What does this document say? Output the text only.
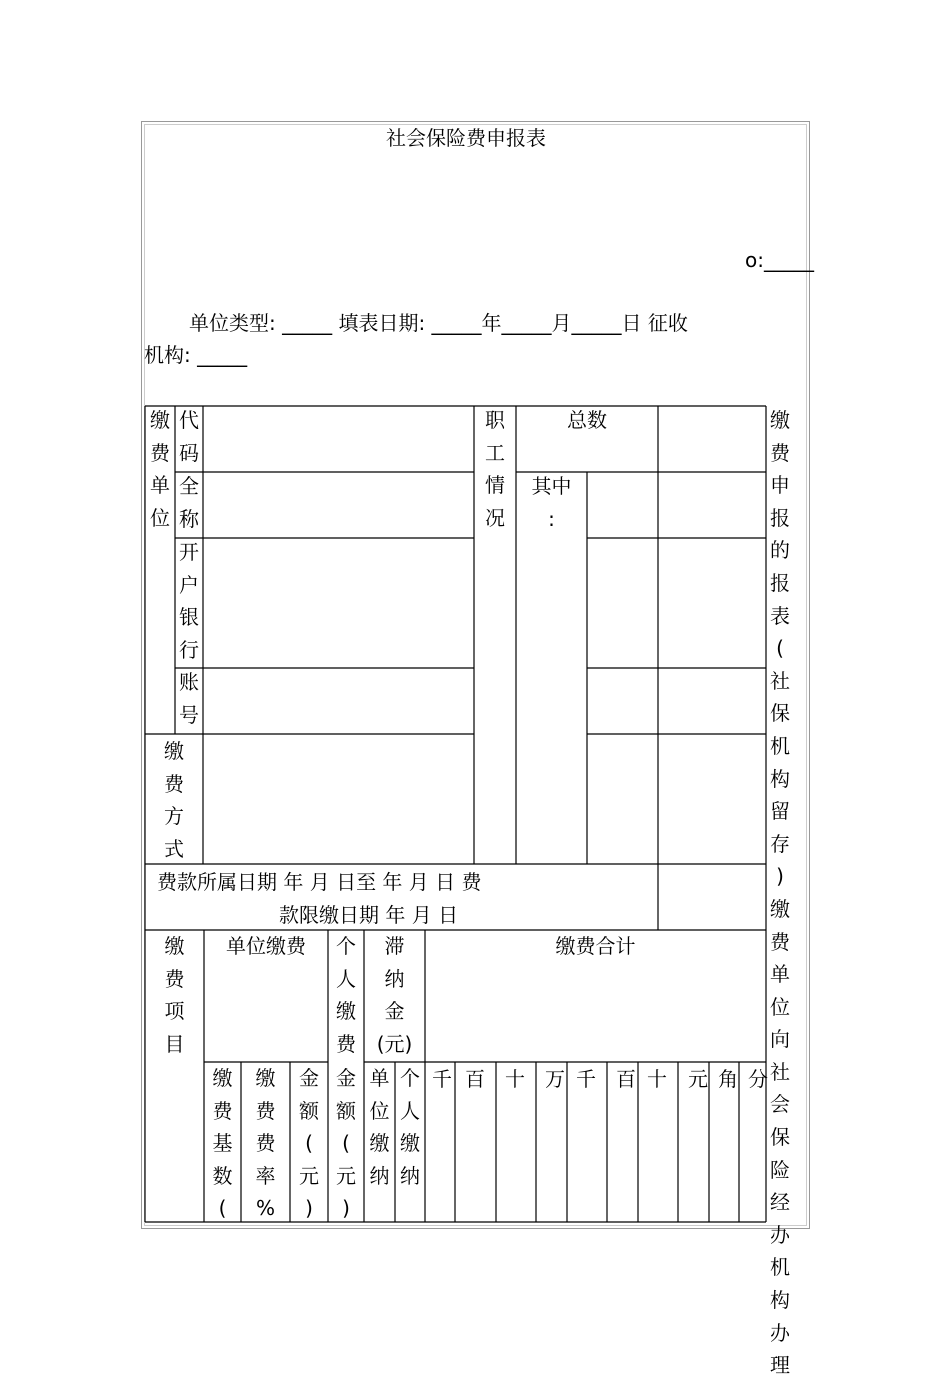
社会保险费申报表
o:_____
单位类型: _____ 填表日期: _____年_____月_____日 征收
机构: _____
缴
费
单
位
代
码
全
称
开
户
银
行
账
号
职
工
情
况
总数
其中
:
缴
费
方
式
费款所属日期 年 月 日至 年 月 日 费
款限缴日期 年 月 日
缴
费
申
报
的
报
表
(
社
保
机
构
留
存
)
缴
费
单
位
向
社
会
保
险
经
办
机
构
办
理
缴
费
项
目
单位缴费	个
人
缴
费
滞
纳
金
(元)
缴费合计
缴
费
基
数
(
缴
费
费
率
%
金
额
(
元
)
金
额
(
元
)
单
位
缴
纳
个
人
缴
纳
千 百 十 万 千 百 十 元 角 分
